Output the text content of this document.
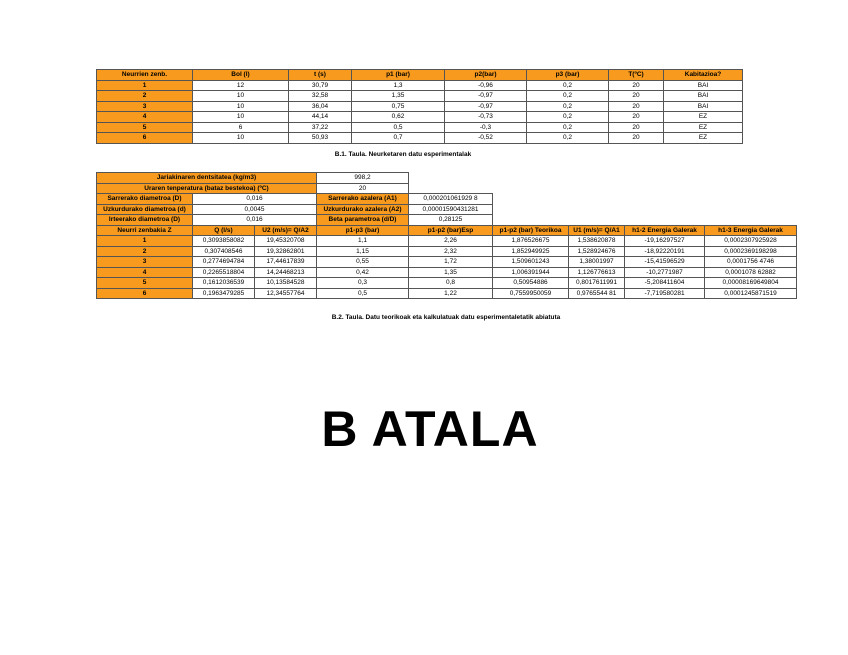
Neurrien zenb.	Bol (l)	t (s)	p1 (bar)	p2(bar)	p3 (bar)	T(ºC)	Kabitazioa?
1	12	30,79	1,3	-0,96	0,2	20	BAI
2	10	32,58	1,35	-0,97	0,2	20	BAI
3	10	36,04	0,75	-0,97	0,2	20	BAI
4	10	44,14	0,62	-0,73	0,2	20	EZ
5	6	37,22	0,5	-0,3	0,2	20	EZ
6	10	50,93	0,7	-0,52	0,2	20	EZ
B.1. Taula. Neurketaren datu esperimentalak
Jariakinaren dentsitatea (kg/m3)			998,2					
Uraren tenperatura (bataz bestekoa) (ºC)			20					
Sarrerako diametroa (D)	0,016		Sarrerako azalera (A1)	0,000201061929 8				
Uzkurdurako diametroa (d)	0,0045		Uzkurdurako azalera (A2)	0,00001590431281				
Irteerako diametroa (D)	0,016		Beta parametroa (d/D)	0,28125				
Neurri zenbakia Z	Q (l/s)	U2 (m/s)= Q/A2	p1-p3 (bar)	p1-p2 (bar)Esp	p1-p2 (bar) Teorikoa	U1 (m/s)= Q/A1	h1-2 Energia Galerak	h1-3 Energia Galerak
1	0,3093858082	19,45320708	1,1	2,26	1,876526675	1,538620878	-19,16297527	0,0002307925928
2	0,307408546	19,32862801	1,15	2,32	1,852949925	1,528924676	-18,92220191	0,0002369198298
3	0,2774694784	17,44617839	0,55	1,72	1,509601243	1,38001997	-15,41596529	0,0001756 4746
4	0,2265518804	14,24468213	0,42	1,35	1,006391944	1,126776613	-10,2771987	0,0001078 62882
5	0,1612036539	10,13584528	0,3	0,8	0,50954886	0,8017611991	-5,208411604	0,00008169649804
6	0,1963479285	12,34557764	0,5	1,22	0,7559950059	0,9765544 81	-7,719580281	0,0001245871519
B.2. Taula. Datu teorikoak eta kalkulatuak datu esperimentaletatik abiatuta
B ATALA
